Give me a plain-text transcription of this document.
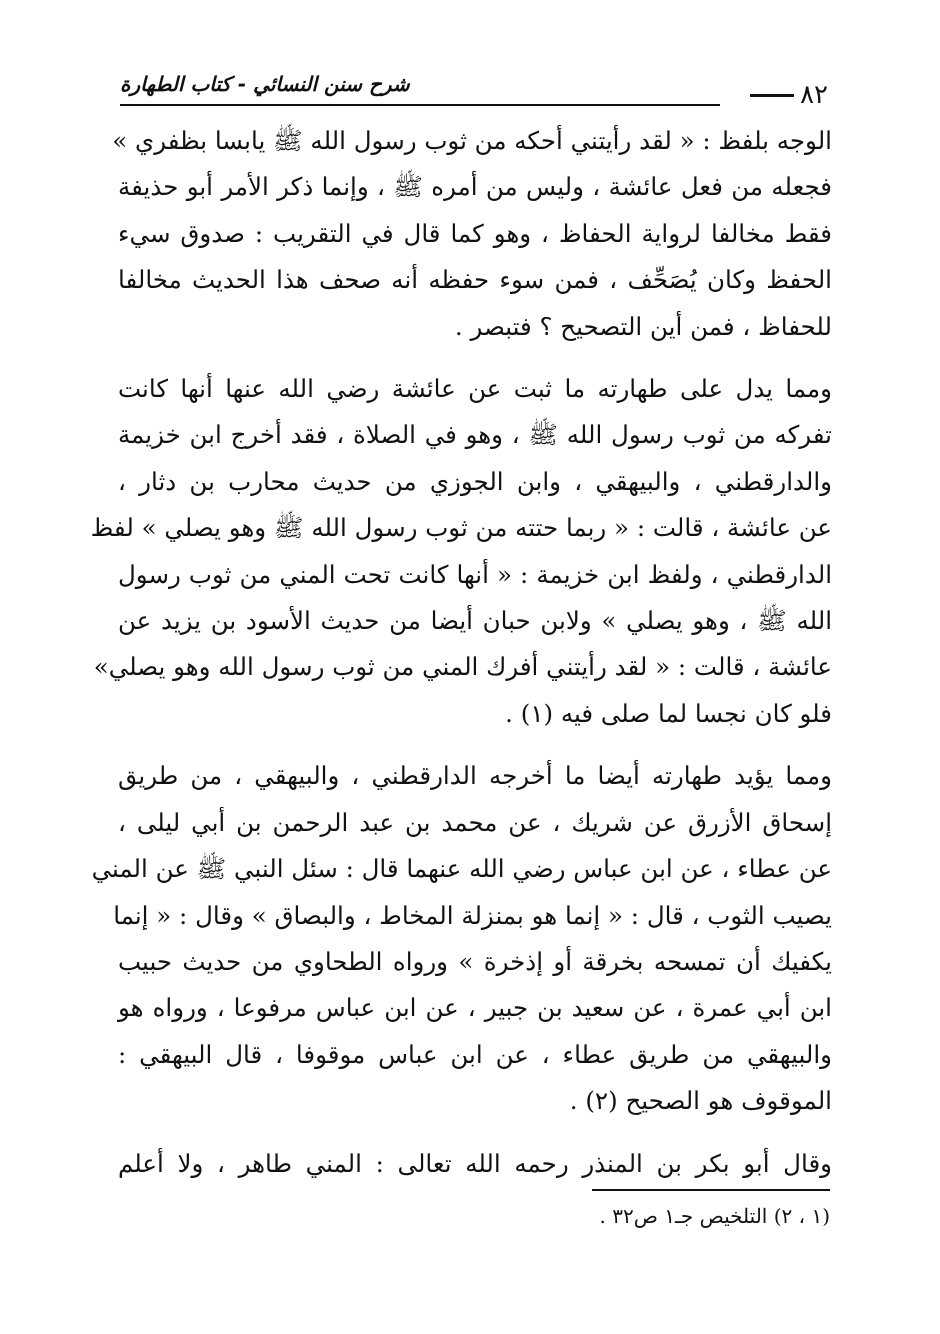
شرح سنن النسائي - كتاب الطهارة	٨٢

الوجه بلفظ : « لقد رأيتني أحكه من ثوب رسول الله ﷺ يابسا بظفري »
فجعله من فعل عائشة ، وليس من أمره ﷺ ، وإنما ذكر الأمر أبو حذيفة
فقط مخالفا لرواية الحفاظ ، وهو كما قال في التقريب : صدوق سيء
الحفظ وكان يُصَحِّف ، فمن سوء حفظه أنه صحف هذا الحديث مخالفا
للحفاظ ، فمن أين التصحيح ؟ فتبصر .

ومما يدل على طهارته ما ثبت عن عائشة رضي الله عنها أنها كانت
تفركه من ثوب رسول الله ﷺ ، وهو في الصلاة ، فقد أخرج ابن خزيمة
والدارقطني ، والبيهقي ، وابن الجوزي من حديث محارب بن دثار ،
عن عائشة ، قالت : « ربما حتته من ثوب رسول الله ﷺ وهو يصلي » لفظ
الدارقطني ، ولفظ ابن خزيمة : « أنها كانت تحت المني من ثوب رسول
الله ﷺ ، وهو يصلي » ولابن حبان أيضا من حديث الأسود بن يزيد عن
عائشة ، قالت : « لقد رأيتني أفرك المني من ثوب رسول الله وهو يصلي»
فلو كان نجسا لما صلى فيه (١) .

ومما يؤيد طهارته أيضا ما أخرجه الدارقطني ، والبيهقي ، من طريق
إسحاق الأزرق عن شريك ، عن محمد بن عبد الرحمن بن أبي ليلى ،
عن عطاء ، عن ابن عباس رضي الله عنهما قال : سئل النبي ﷺ عن المني
يصيب الثوب ، قال : « إنما هو بمنزلة المخاط ، والبصاق » وقال : « إنما
يكفيك أن تمسحه بخرقة أو إذخرة » ورواه الطحاوي من حديث حبيب
ابن أبي عمرة ، عن سعيد بن جبير ، عن ابن عباس مرفوعا ، ورواه هو
والبيهقي من طريق عطاء ، عن ابن عباس موقوفا ، قال البيهقي :
الموقوف هو الصحيح (٢) .

وقال أبو بكر بن المنذر رحمه الله تعالى : المني طاهر ، ولا أعلم

(١ ، ٢) التلخيص جـ١ ص٣٢ .
